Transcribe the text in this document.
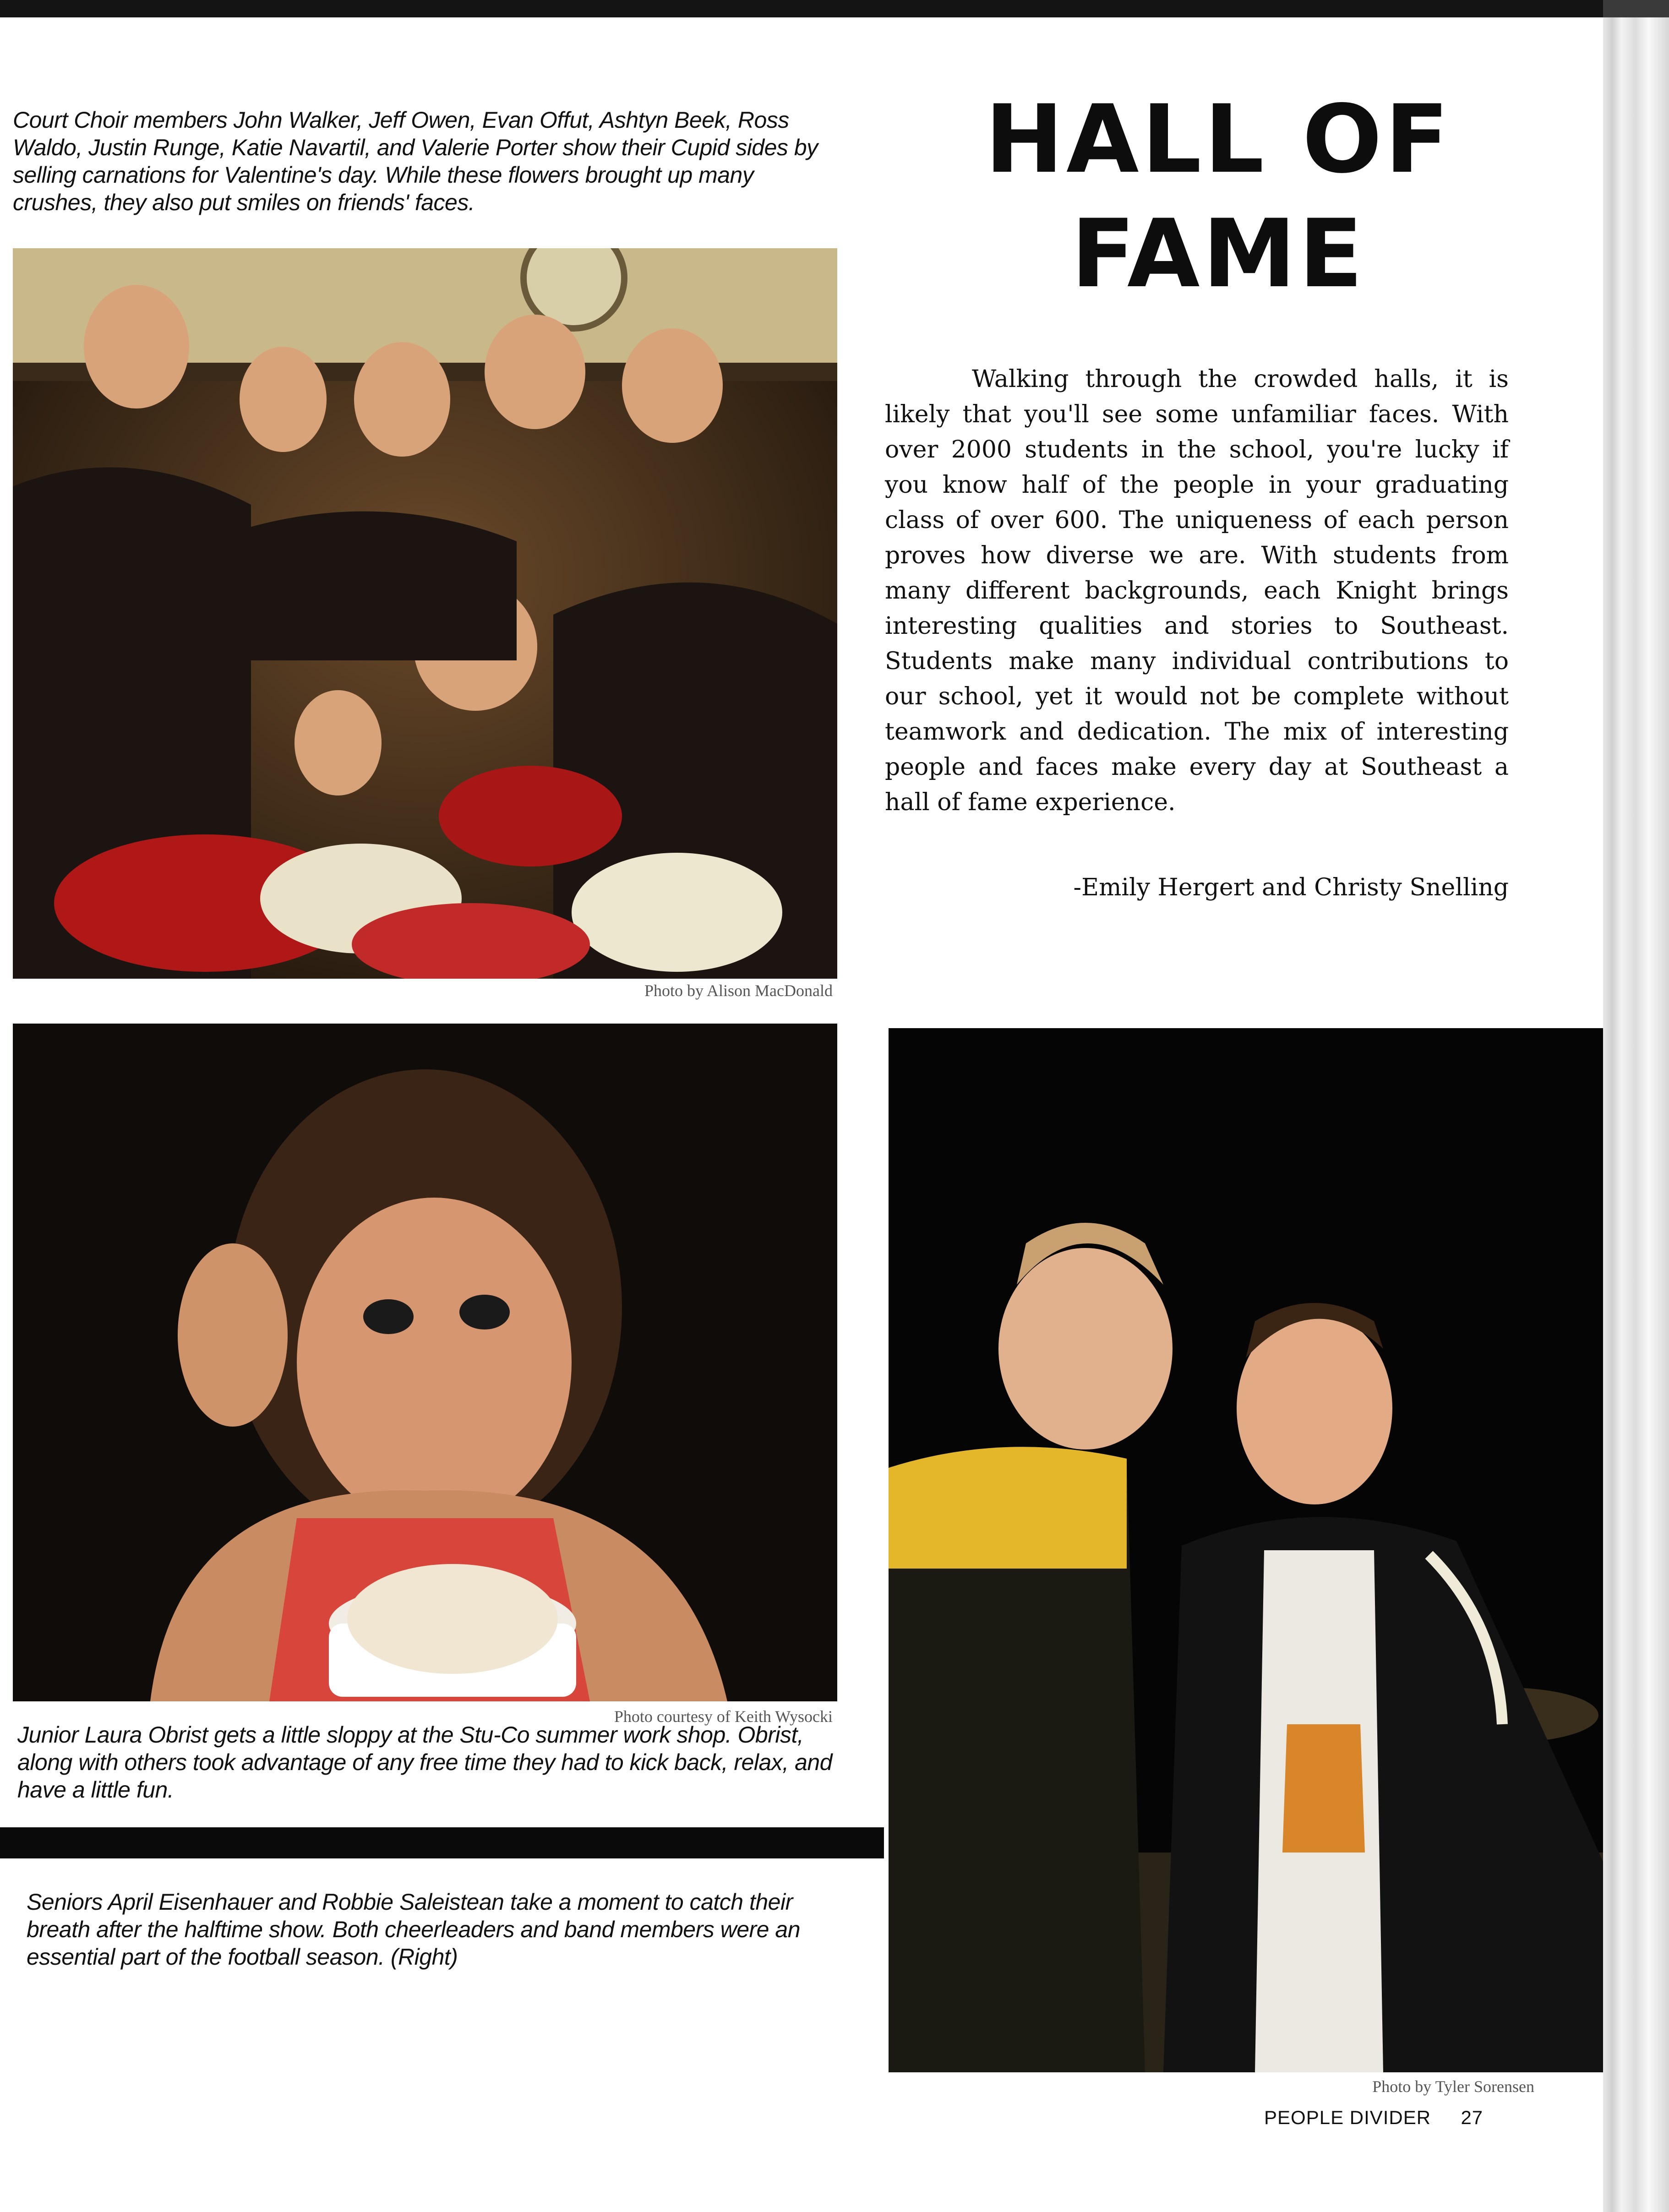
Court Choir members John Walker, Jeff Owen, Evan Offut, Ashtyn Beek, Ross Waldo, Justin Runge, Katie Navartil, and Valerie Porter show their Cupid sides by selling carnations for Valentine's day. While these flowers brought up many crushes, they also put smiles on friends' faces.
Photo by Alison MacDonald
HALL OF
FAME
Walking through the crowded halls, it is likely that you'll see some unfamiliar faces. With over 2000 students in the school, you're lucky if you know half of the people in your graduating class of over 600. The uniqueness of each person proves how diverse we are. With students from many different backgrounds, each Knight brings interesting qualities and stories to Southeast. Students make many individual contributions to our school, yet it would not be complete without teamwork and dedication. The mix of interesting people and faces make every day at Southeast a hall of fame experience.
-Emily Hergert and Christy Snelling
Photo courtesy of Keith Wysocki
Junior Laura Obrist gets a little sloppy at the Stu-Co summer work shop. Obrist, along with others took advantage of any free time they had to kick back, relax, and have a little fun.
Seniors April Eisenhauer and Robbie Saleistean take a moment to catch their breath after the halftime show. Both cheerleaders and band members were an essential part of the football season. (Right)
Photo by Tyler Sorensen
PEOPLE DIVIDER 27
